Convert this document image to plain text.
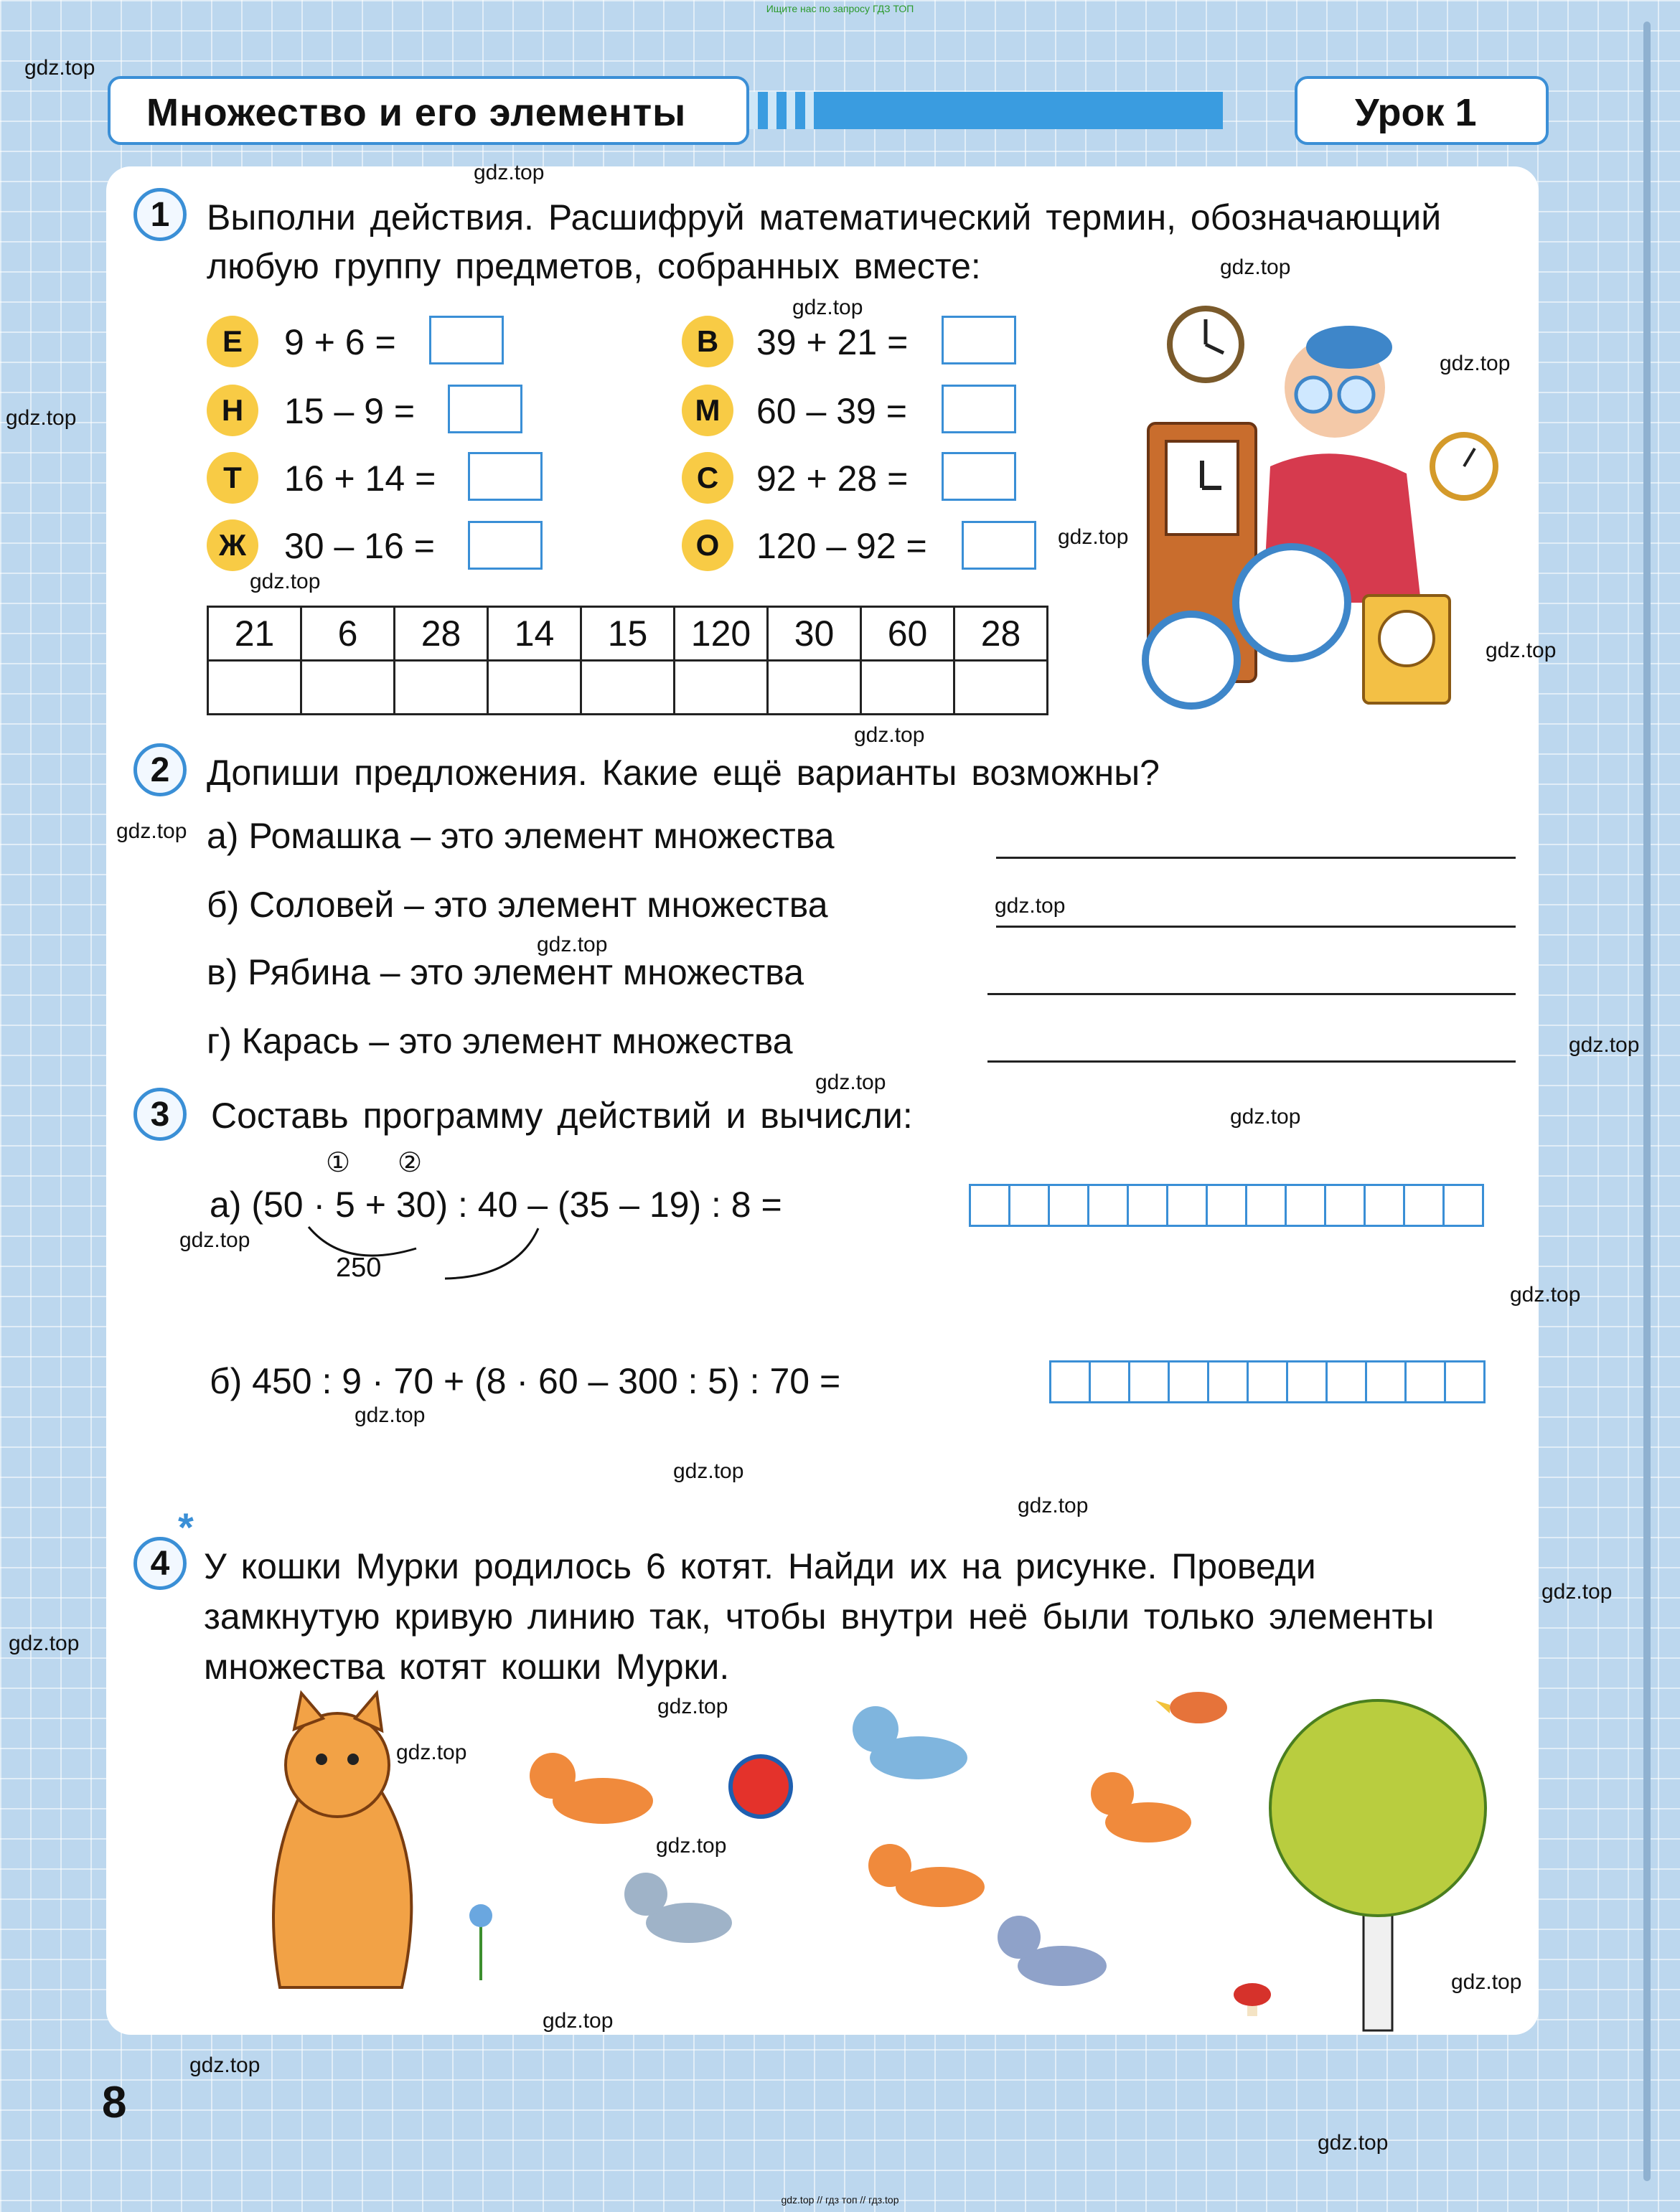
Ищите нас по запросу ГДЗ ТОП
Множество и его элементы	Урок 1
1	Выполни действия. Расшифруй математический термин, обозначающий
любую группу предметов, собранных вместе:
Е	9 + 6 =
Н	15 – 9 =
Т	16 + 14 =
Ж	30 – 16 =
В	39 + 21 =
М	60 – 39 =
С	92 + 28 =
О	120 – 92 =
21	6	28	14	15	120	30	60	28

2	Допиши предложения. Какие ещё варианты возможны?
а) Ромашка – это элемент множества
б) Соловей – это элемент множества
в) Рябина – это элемент множества
г) Карась – это элемент множества
3	Составь программу действий и вычисли:
① ②
а) (50 · 5 + 30) : 40 – (35 – 19) : 8 =
250
б) 450 : 9 · 70 + (8 · 60 – 300 : 5) : 70 =
*
4 У кошки Мурки родилось 6 котят. Найди их на рисунке. Проведи
замкнутую кривую линию так, чтобы внутри неё были только элементы
множества котят кошки Мурки.
gdz.top
gdz.top
gdz.top
gdz.top
gdz.top
gdz.top
gdz.top
gdz.top
gdz.top
gdz.top
gdz.top
gdz.top
gdz.top
gdz.top
gdz.top
gdz.top
gdz.top
gdz.top
gdz.top
gdz.top
gdz.top
gdz.top
gdz.top
gdz.top
gdz.top
gdz.top
gdz.top
gdz.top
gdz.top
gdz.top
8
gdz.top // гдз топ // гдз.top
